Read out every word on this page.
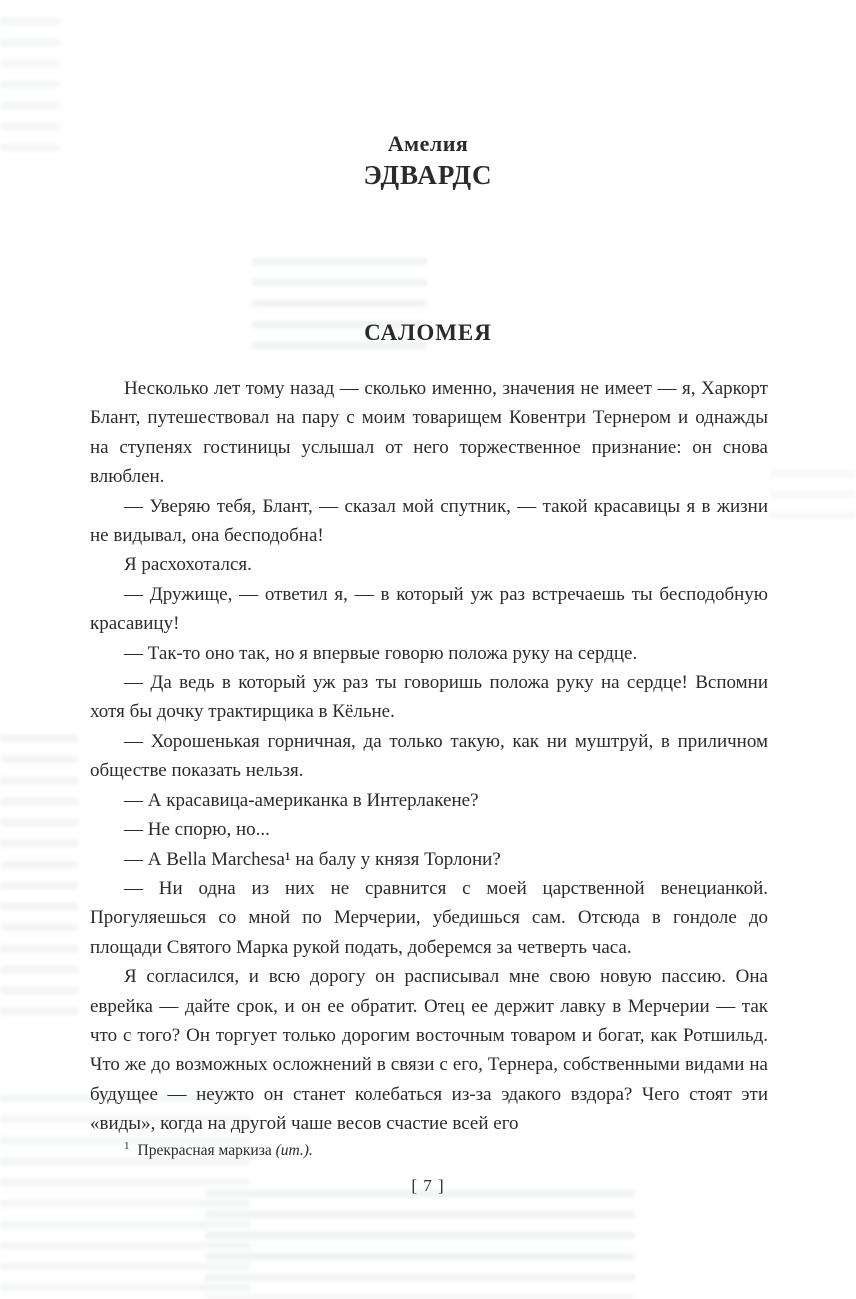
Амелия
ЭДВАРДС
САЛОМЕЯ

Несколько лет тому назад — сколько именно, значения не имеет — я, Харкорт Блант, путешествовал на пару с моим товарищем Ковентри Тернером и однажды на ступенях гостиницы услышал от него торжественное признание: он снова влюблен.

— Уверяю тебя, Блант, — сказал мой спутник, — такой красавицы я в жизни не видывал, она бесподобна!

Я расхохотался.

— Дружище, — ответил я, — в который уж раз встречаешь ты бесподобную красавицу!

— Так-то оно так, но я впервые говорю положа руку на сердце.

— Да ведь в который уж раз ты говоришь положа руку на сердце! Вспомни хотя бы дочку трактирщика в Кёльне.

— Хорошенькая горничная, да только такую, как ни муштруй, в приличном обществе показать нельзя.

— А красавица-американка в Интерлакене?

— Не спорю, но...

— А Bella Marchesa¹ на балу у князя Торлони?

— Ни одна из них не сравнится с моей царственной венецианкой. Прогуляешься со мной по Мерчерии, убедишься сам. Отсюда в гондоле до площади Святого Марка рукой подать, доберемся за четверть часа.

Я согласился, и всю дорогу он расписывал мне свою новую пассию. Она еврейка — дайте срок, и он ее обратит. Отец ее держит лавку в Мерчерии — так что с того? Он торгует только дорогим восточным товаром и богат, как Ротшильд. Что же до возможных осложнений в связи с его, Тернера, собственными видами на будущее — неужто он станет колебаться из-за эдакого вздора? Чего стоят эти «виды», когда на другой чаше весов счастие всей его

$^1$ Прекрасная маркиза (ит.).
[ 7 ]
